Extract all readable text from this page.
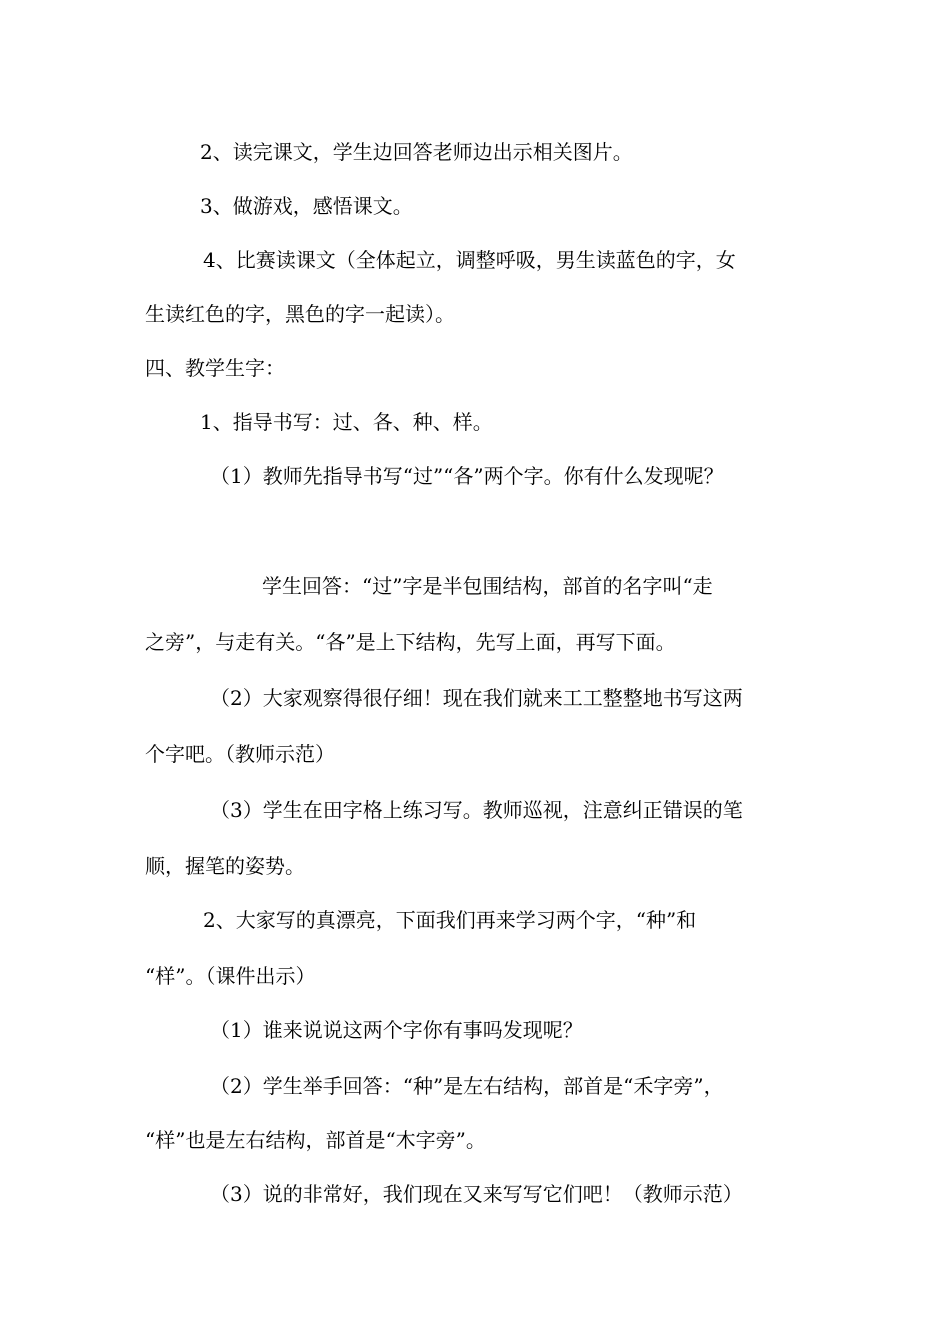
2、读完课文，学生边回答老师边出示相关图片。
3、做游戏，感悟课文。
4、比赛读课文（全体起立，调整呼吸，男生读蓝色的字，女
生读红色的字，黑色的字一起读）。
四、教学生字：
1、指导书写：过、各、种、样。
（1）教师先指导书写“过”“各”两个字。你有什么发现呢？
学生回答：“过”字是半包围结构，部首的名字叫“走
之旁”，与走有关。“各”是上下结构，先写上面，再写下面。
（2）大家观察得很仔细！现在我们就来工工整整地书写这两
个字吧。（教师示范）
（3）学生在田字格上练习写。教师巡视，注意纠正错误的笔
顺，握笔的姿势。
2、大家写的真漂亮，下面我们再来学习两个字，“种”和
“样”。（课件出示）
（1）谁来说说这两个字你有事吗发现呢？
（2）学生举手回答：“种”是左右结构，部首是“禾字旁”，
“样”也是左右结构，部首是“木字旁”。
（3）说的非常好，我们现在又来写写它们吧！（教师示范）
